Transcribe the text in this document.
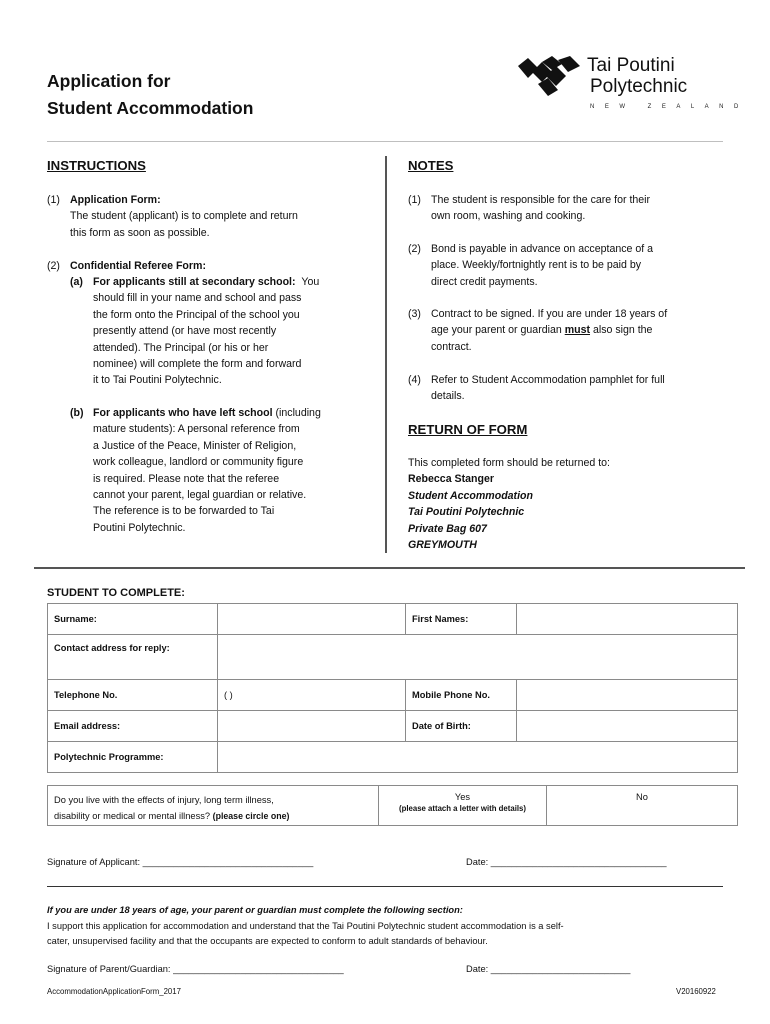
Application for
Student Accommodation
Tai Poutini
Polytechnic
NEW ZEALAND
INSTRUCTIONS
(1) Application Form:
The student (applicant) is to complete and return
this form as soon as possible.
(2) Confidential Referee Form:
(a) For applicants still at secondary school: You
should fill in your name and school and pass
the form onto the Principal of the school you
presently attend (or have most recently
attended). The Principal (or his or her
nominee) will complete the form and forward
it to Tai Poutini Polytechnic.
(b) For applicants who have left school (including
mature students): A personal reference from
a Justice of the Peace, Minister of Religion,
work colleague, landlord or community figure
is required. Please note that the referee
cannot your parent, legal guardian or relative.
The reference is to be forwarded to Tai
Poutini Polytechnic.
NOTES
(1) The student is responsible for the care for their
own room, washing and cooking.
(2) Bond is payable in advance on acceptance of a
place. Weekly/fortnightly rent is to be paid by
direct credit payments.
(3) Contract to be signed. If you are under 18 years of
age your parent or guardian must also sign the
contract.
(4) Refer to Student Accommodation pamphlet for full
details.
RETURN OF FORM
This completed form should be returned to:
Rebecca Stanger
Student Accommodation
Tai Poutini Polytechnic
Private Bag 607
GREYMOUTH
STUDENT TO COMPLETE:
Surname:		First Names:	
Contact address for reply:			
Telephone No.	( )	Mobile Phone No.	
Email address:		Date of Birth:	
Polytechnic Programme:			
Do you live with the effects of injury, long term illness,
disability or medical or mental illness? (please circle one)

Yes
(please attach a letter with details)

No
Signature of Applicant: _________________________________	Date: __________________________________
If you are under 18 years of age, your parent or guardian must complete the following section:
I support this application for accommodation and understand that the Tai Poutini Polytechnic student accommodation is a self-
cater, unsupervised facility and that the occupants are expected to conform to adult standards of behaviour.
Signature of Parent/Guardian: _________________________________	Date: ___________________________
AccommodationApplicationForm_2017	V20160922
